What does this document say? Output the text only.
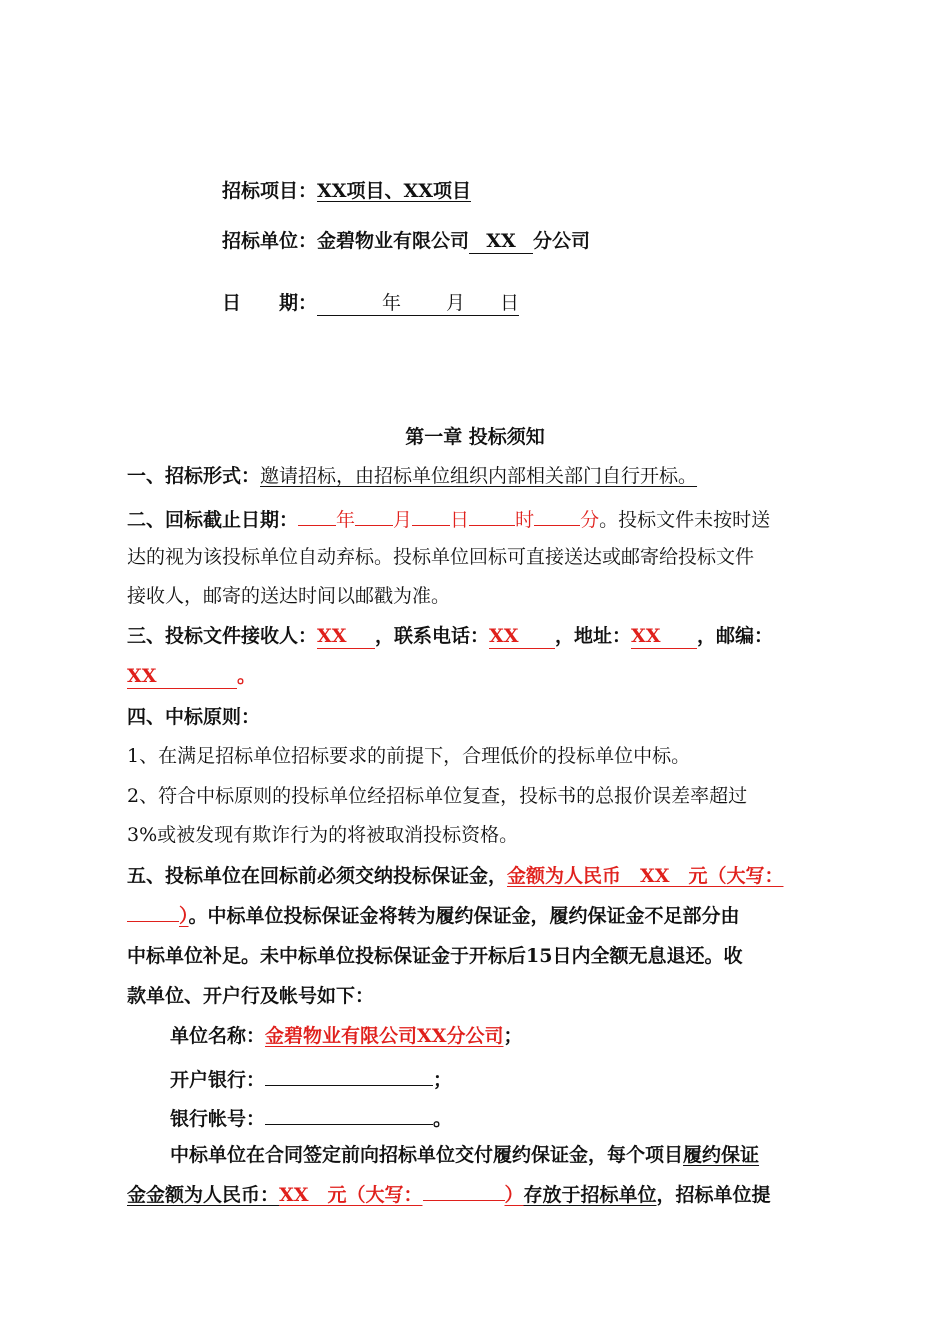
招标项目：XX项目、XX项目
招标单位：金碧物业有限公司 XX 分公司
日　　期：	年 月 日
第一章 投标须知
一、招标形式：邀请招标，由招标单位组织内部相关部门自行开标。
二、回标截止日期： 年 月 日 时 分。投标文件未按时送
达的视为该投标单位自动弃标。投标单位回标可直接送达或邮寄给投标文件
接收人，邮寄的送达时间以邮戳为准。
三、投标文件接收人：XX ，联系电话：XX ，地址：XX ，邮编：
XX	。
四、中标原则：
1、在满足招标单位招标要求的前提下，合理低价的投标单位中标。
2、符合中标原则的投标单位经招标单位复查，投标书的总报价误差率超过
3%或被发现有欺诈行为的将被取消投标资格。
五、投标单位在回标前必须交纳投标保证金，金额为人民币　XX　元（大写：
）。中标单位投标保证金将转为履约保证金，履约保证金不足部分由
中标单位补足。未中标单位投标保证金于开标后15日内全额无息退还。收
款单位、开户行及帐号如下：
单位名称：金碧物业有限公司XX分公司；
开户银行：	；
银行帐号：	。
中标单位在合同签定前向招标单位交付履约保证金，每个项目履约保证
金金额为人民币：XX　元（大写：	）存放于招标单位，招标单位提
